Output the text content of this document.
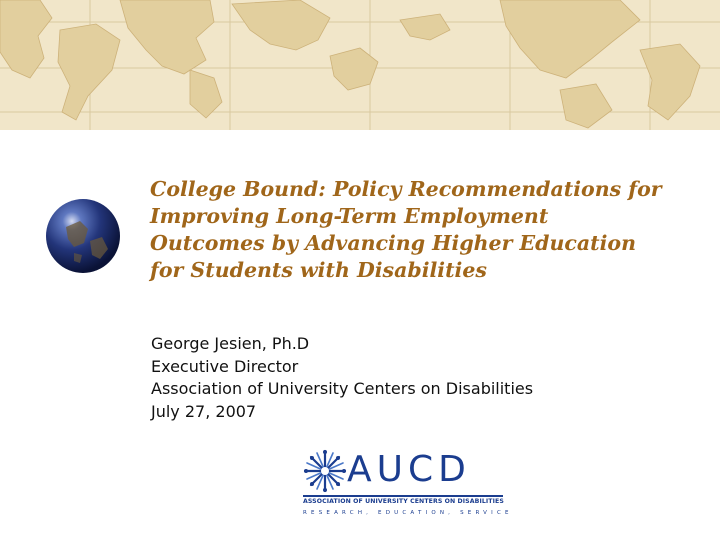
College Bound: Policy Recommendations for
Improving Long-Term Employment
Outcomes by Advancing Higher Education
for Students with Disabilities
George Jesien, Ph.D
Executive Director
Association of University Centers on Disabilities
July 27, 2007
AUCD
ASSOCIATION OF UNIVERSITY CENTERS ON DISABILITIES
RESEARCH, EDUCATION, SERVICE
